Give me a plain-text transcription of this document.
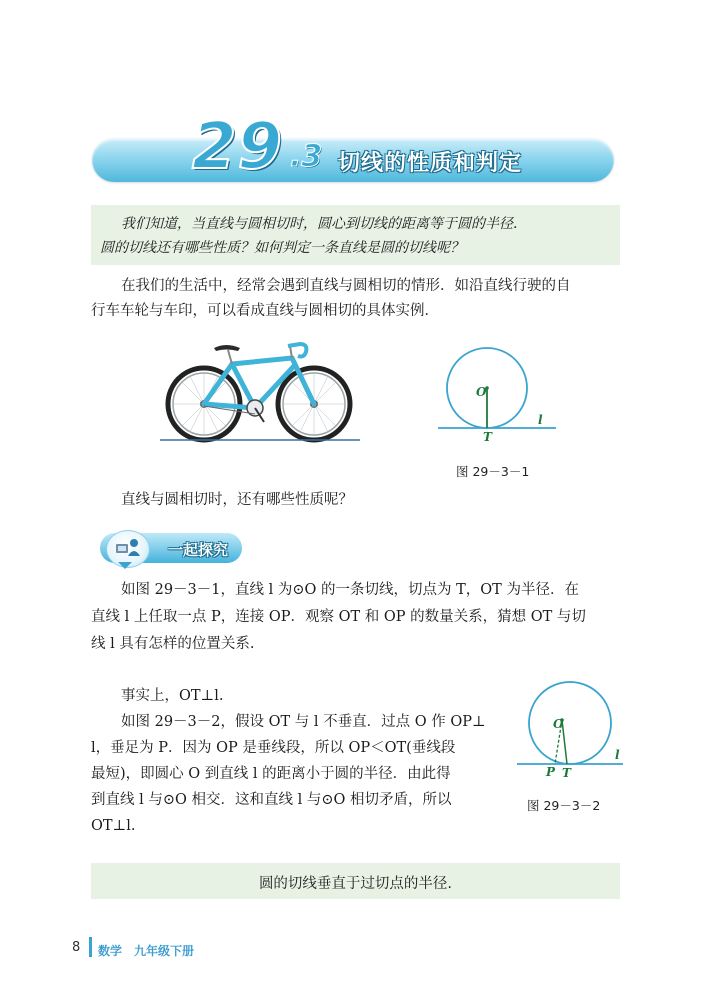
29 .3 切线的性质和判定
我们知道，当直线与圆相切时，圆心到切线的距离等于圆的半径.
圆的切线还有哪些性质？如何判定一条直线是圆的切线呢？
在我们的生活中，经常会遇到直线与圆相切的情形．如沿直线行驶的自
行车车轮与车印，可以看成直线与圆相切的具体实例．
O
T
l
图 29－3－1
直线与圆相切时，还有哪些性质呢？
一起探究
如图 29－3－1，直线 l 为⊙O 的一条切线，切点为 T，OT 为半径．在
直线 l 上任取一点 P，连接 OP．观察 OT 和 OP 的数量关系，猜想 OT 与切
线 l 具有怎样的位置关系.
事实上，OT⊥l.
如图 29－3－2，假设 OT 与 l 不垂直．过点 O 作 OP⊥
l，垂足为 P．因为 OP 是垂线段，所以 OP＜OT(垂线段
最短)，即圆心 O 到直线 l 的距离小于圆的半径．由此得
到直线 l 与⊙O 相交．这和直线 l 与⊙O 相切矛盾，所以
OT⊥l.
O
P T
l
图 29－3－2
圆的切线垂直于过切点的半径.
8 数学　九年级下册
